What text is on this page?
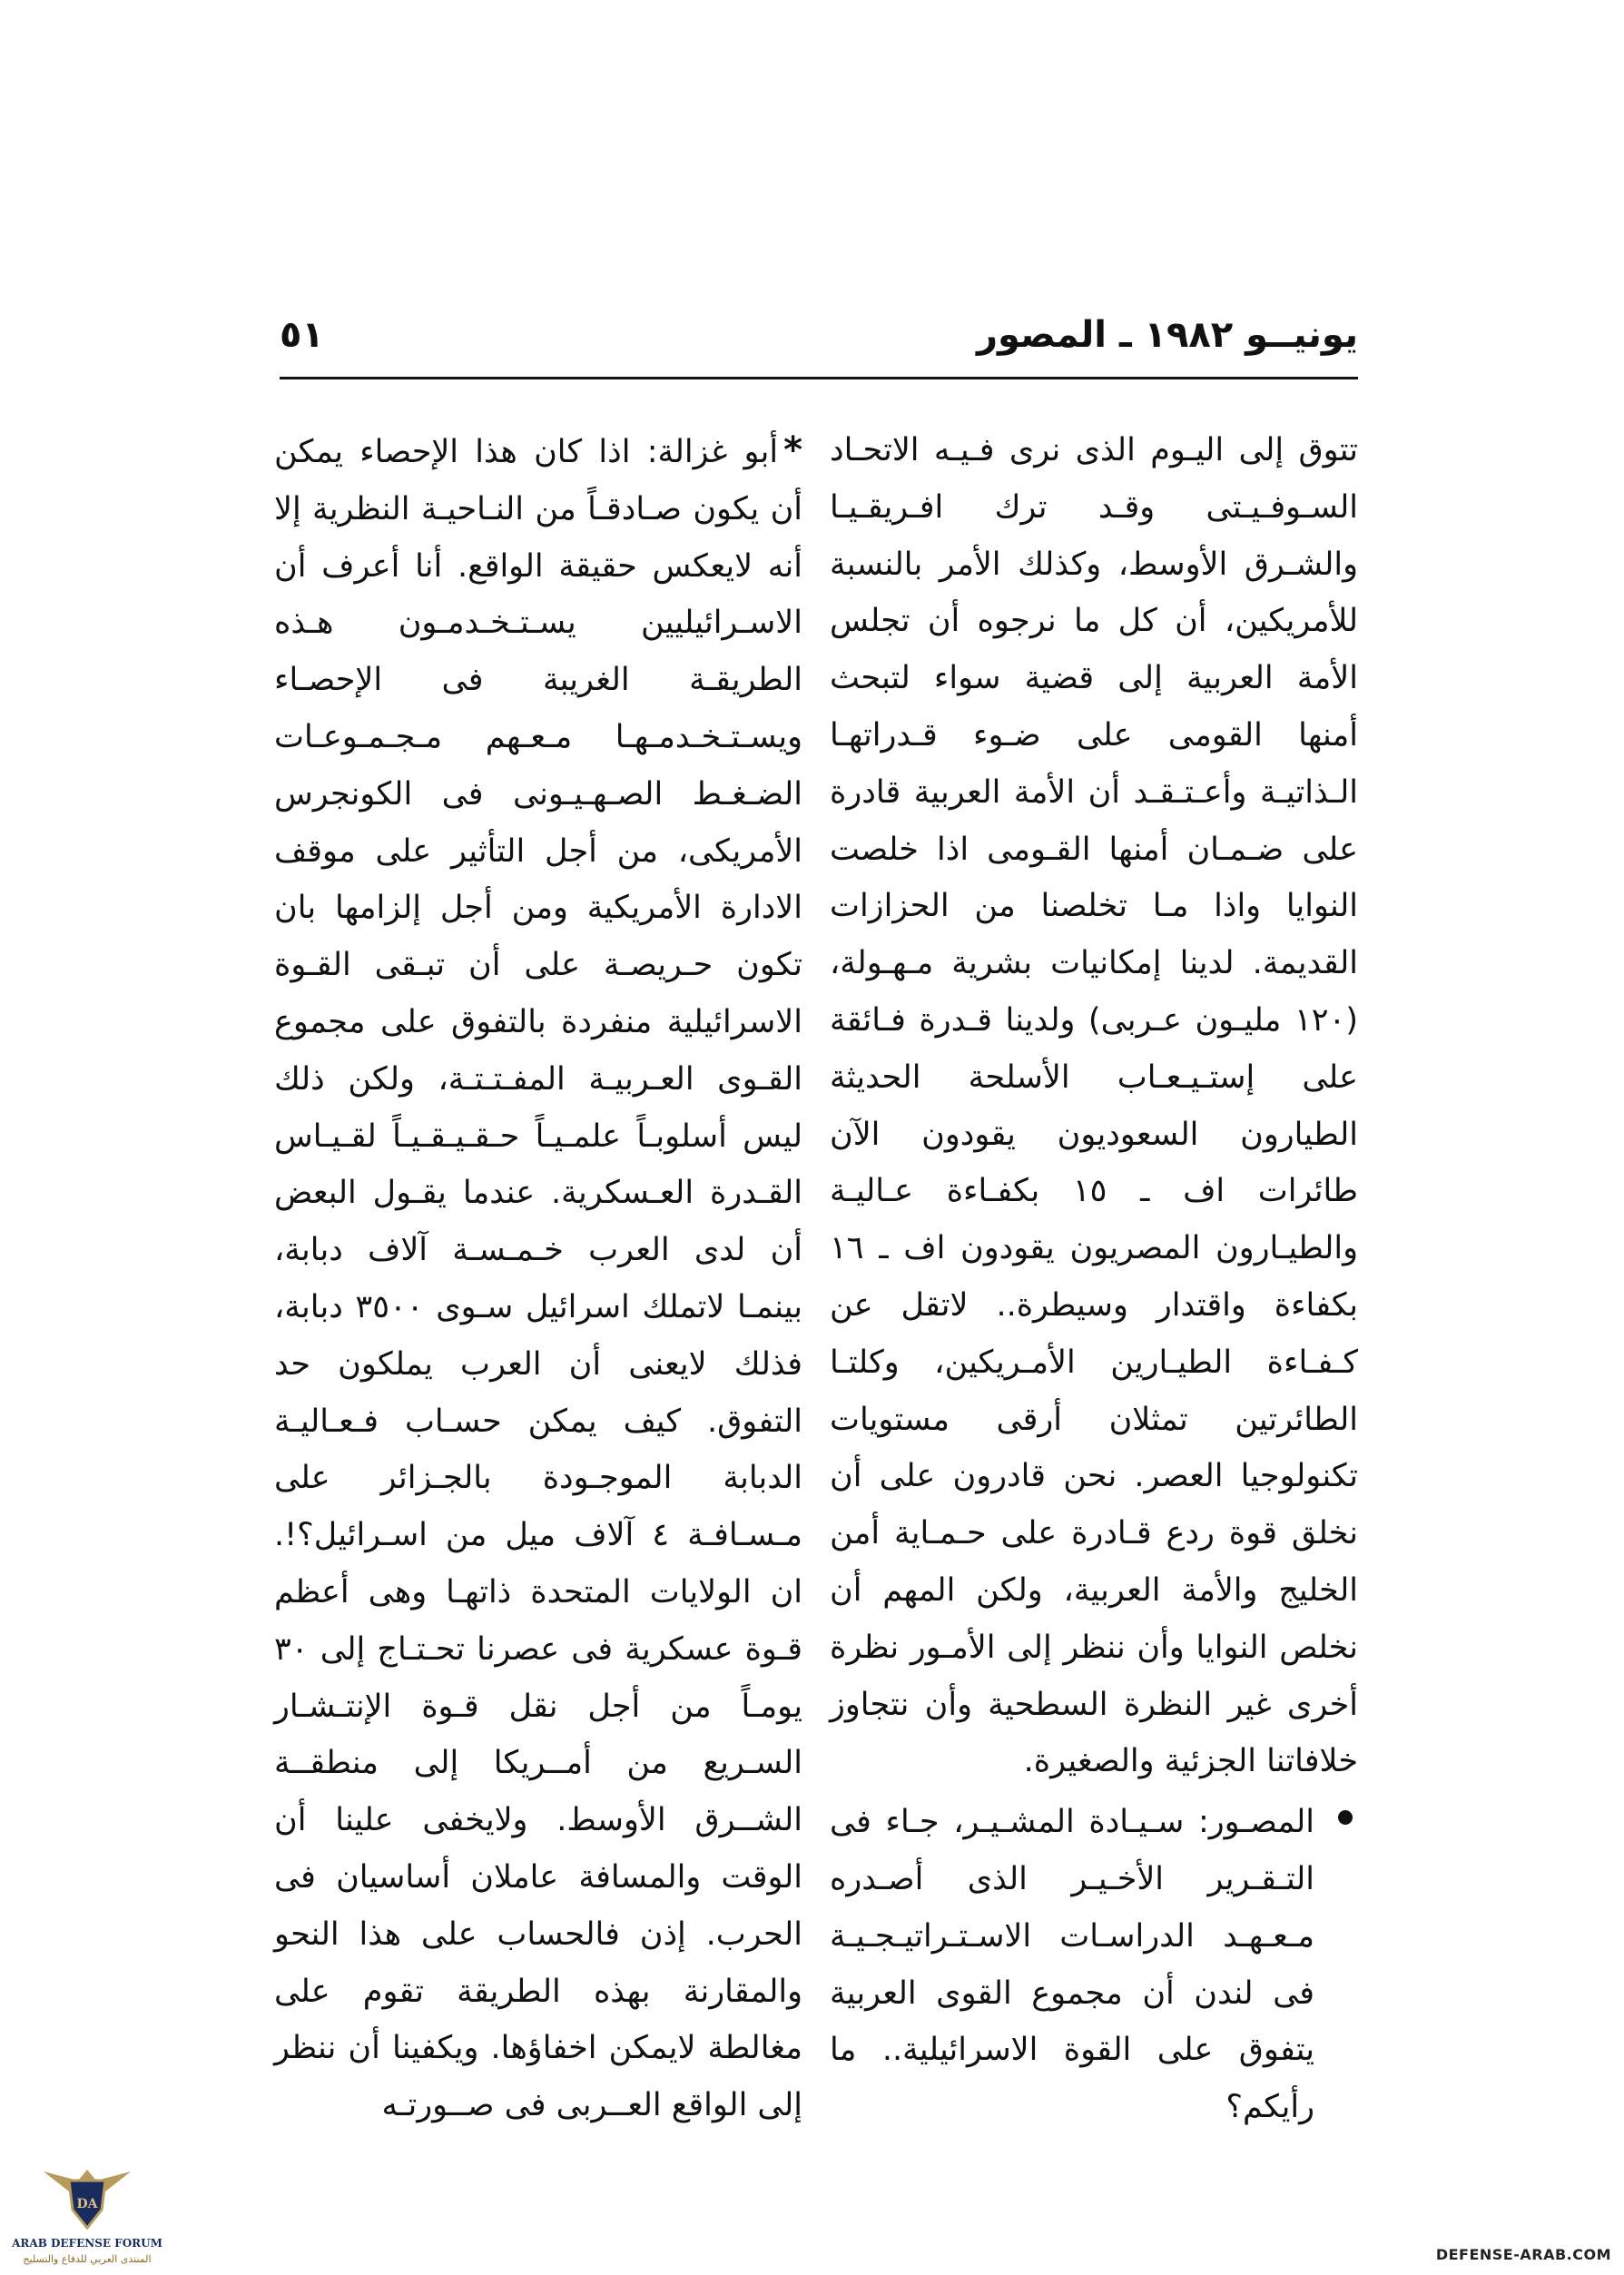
يونيــو ١٩٨٢ ـ المصور
٥١

تتوق إلى اليـوم الذى نرى فـيـه الاتحـاد السـوفـيـتى وقـد ترك افـريقـيـا والشـرق الأوسط، وكذلك الأمر بالنسبة للأمريكين، أن كل ما نرجوه أن تجلس الأمة العربية إلى قضية سواء لتبحث أمنها القومى على ضـوء قـدراتهـا الـذاتيـة وأعـتـقـد أن الأمة العربية قادرة على ضـمـان أمنها القـومى اذا خلصت النوايا واذا مـا تخلصنا من الحزازات القديمة. لدينا إمكانيات بشرية مـهـولة، (١٢٠ مليـون عـربى) ولدينا قـدرة فـائقة على إستـيـعـاب الأسلحة الحديثة الطيارون السعوديون يقودون الآن طائرات اف ـ ١٥ بكفـاءة عـاليـة والطيـارون المصريون يقودون اف ـ ١٦ بكفاءة واقتدار وسيطرة.. لاتقل عن كـفـاءة الطيـارين الأمـريكين، وكلتـا الطائرتين تمثلان أرقى مستويات تكنولوجيا العصر. نحن قادرون على أن نخلق قوة ردع قـادرة على حـمـاية أمن الخليج والأمة العربية، ولكن المهم أن نخلص النوايا وأن ننظر إلى الأمـور نظرة أخرى غير النظرة السطحية وأن نتجاوز خلافاتنا الجزئية والصغيرة.

المصـور: سـيـادة المشـيـر، جـاء فى التـقـرير الأخـيـر الذى أصـدره مـعـهـد الدراسـات الاسـتـراتيـجـيـة فى لندن أن مجموع القوى العربية يتفوق على القوة الاسرائيلية.. ما رأيكم؟

*أبو غزالة: اذا كان هذا الإحصاء يمكن أن يكون صـادقـاً من النـاحيـة النظرية إلا أنه لايعكس حقيقة الواقع. أنا أعرف أن الاسـرائيليين يسـتـخـدمـون هـذه الطريقـة الغريبة فى الإحصـاء ويسـتـخـدمـهـا مـعـهم مـجـمـوعـات الضـغـط الصـهـيـونى فى الكونجرس الأمريكى، من أجل التأثير على موقف الادارة الأمريكية ومن أجل إلزامها بان تكون حـريصـة على أن تبـقى القـوة الاسرائيلية منفردة بالتفوق على مجموع القـوى العـربيـة المفـتـتـة، ولكن ذلك ليس أسلوبـاً علمـيـاً حـقـيـقـيـاً لقـيـاس القـدرة العـسكرية. عندما يقـول البعض أن لدى العرب خـمـسـة آلاف دبابة، بينمـا لاتملك اسرائيل سـوى ٣٥٠٠ دبابة، فذلك لايعنى أن العرب يملكون حد التفوق. كيف يمكن حسـاب فـعـاليـة الدبابة الموجـودة بالجـزائر على مـسـافـة ٤ آلاف ميل من اسـرائيل؟!. ان الولايات المتحدة ذاتهـا وهى أعظم قـوة عسكرية فى عصرنا تحـتـاج إلى ٣٠ يومـاً من أجل نقل قـوة الإنتـشـار السـريع من أمــريكا إلى منطقــة الشــرق الأوسط. ولايخفى علينا أن الوقت والمسافة عاملان أساسيان فى الحرب. إذن فالحساب على هذا النحو والمقارنة بهذه الطريقة تقوم على مغالطة لايمكن اخفاؤها. ويكفينا أن ننظر إلى الواقع العــربى فى صــورتـه

DA
ARAB DEFENSE FORUM
المنتدى العربي للدفاع والتسليح	DEFENSE-ARAB.COM
